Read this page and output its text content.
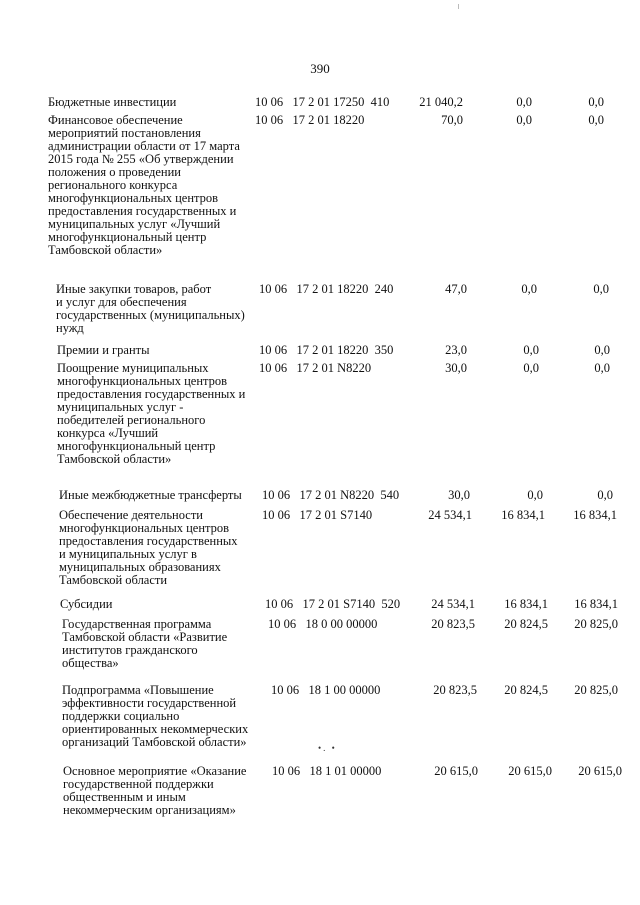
390
Бюджетные инвестиции	10 06   17 2 01 17250  410 21 040,2	0,0	0,0
Финансовое обеспечение
мероприятий постановления
администрации области от 17 марта
2015 года № 255 «Об утверждении
положения о проведении
регионального конкурса
многофункциональных центров
предоставления государственных и
муниципальных услуг «Лучший
многофункциональный центр
Тамбовской области»
10 06   17 2 01 18220	70,0	0,0	0,0
Иные закупки товаров, работ
и услуг для обеспечения
государственных (муниципальных)
нужд
10 06   17 2 01 18220  240	47,0	0,0	0,0
Премии и гранты	10 06   17 2 01 18220  350	23,0	0,0	0,0
Поощрение муниципальных
многофункциональных центров
предоставления государственных и
муниципальных услуг -
победителей регионального
конкурса «Лучший
многофункциональный центр
Тамбовской области»
10 06   17 2 01 N8220	30,0	0,0	0,0
Иные межбюджетные трансферты 10 06   17 2 01 N8220  540	30,0	0,0	0,0
Обеспечение деятельности
многофункциональных центров
предоставления государственных
и муниципальных услуг в
муниципальных образованиях
Тамбовской области
10 06   17 2 01 S7140	24 534,1 16 834,1 16 834,1
Субсидии	10 06   17 2 01 S7140  520 24 534,1 16 834,1 16 834,1
Государственная программа
Тамбовской области «Развитие
институтов гражданского
общества»
10 06   18 0 00 00000	20 823,5 20 824,5 20 825,0
Подпрограмма «Повышение
эффективности государственной
поддержки социально
ориентированных некоммерческих
организаций Тамбовской области»
10 06   18 1 00 00000	20 823,5 20 824,5 20 825,0
Основное мероприятие «Оказание
государственной поддержки
общественным и иным
некоммерческим организациям»
10 06   18 1 01 00000	20 615,0 20 615,0 20 615,0
•. •
